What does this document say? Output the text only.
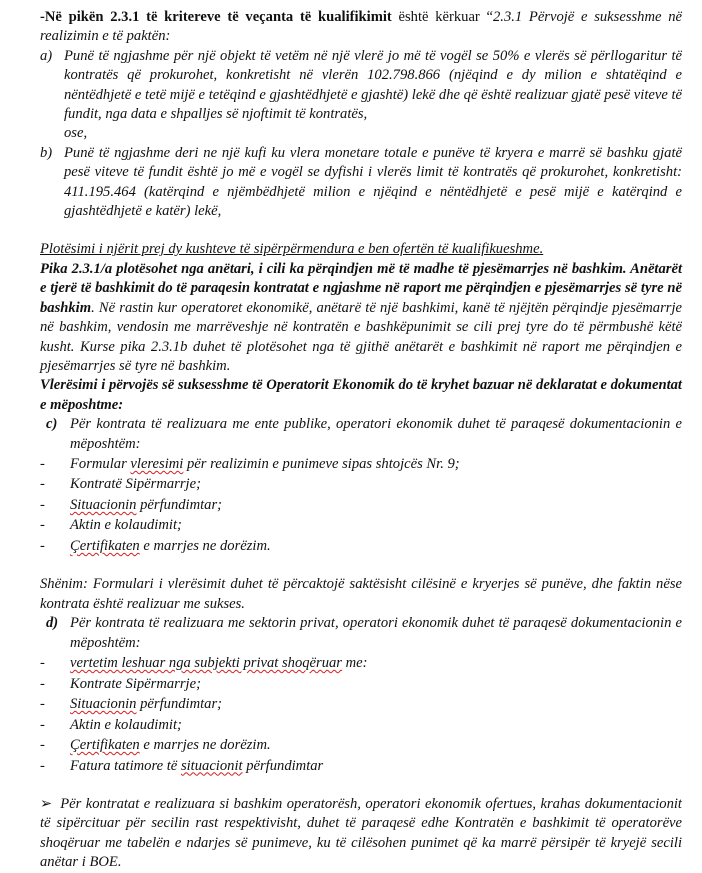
-Në pikën 2.3.1 të kritereve të veçanta të kualifikimit është kërkuar “2.3.1 Përvojë e suksesshme në realizimin e të paktën:

a) Punë të ngjashme për një objekt të vetëm në një vlerë jo më të vogël se 50% e vlerës së përllogaritur të kontratës që prokurohet, konkretisht në vlerën 102.798.866 (njëqind e dy milion e shtatëqind e nëntëdhjetë e tetë mijë e tetëqind e gjashtëdhjetë e gjashtë) lekë dhe që është realizuar gjatë pesë viteve të fundit, nga data e shpalljes së njoftimit të kontratës,
ose,

b) Punë të ngjashme deri ne një kufi ku vlera monetare totale e punëve të kryera e marrë së bashku gjatë pesë viteve të fundit është jo më e vogël se dyfishi i vlerës limit të kontratës që prokurohet, konkretisht: 411.195.464 (katërqind e njëmbëdhjetë milion e njëqind e nëntëdhjetë e pesë mijë e katërqind e gjashtëdhjetë e katër) lekë,

Plotësimi i njërit prej dy kushteve të sipërpërmendura e ben ofertën të kualifikueshme.

Pika 2.3.1/a plotësohet nga anëtari, i cili ka përqindjen më të madhe të pjesëmarrjes në bashkim. Anëtarët e tjerë të bashkimit do të paraqesin kontratat e ngjashme në raport me përqindjen e pjesëmarrjes së tyre në bashkim. Në rastin kur operatoret ekonomikë, anëtarë të një bashkimi, kanë të njëjtën përqindje pjesëmarrje në bashkim, vendosin me marrëveshje në kontratën e bashkëpunimit se cili prej tyre do të përmbushë këtë kusht. Kurse pika 2.3.1b duhet të plotësohet nga të gjithë anëtarët e bashkimit në raport me përqindjen e pjesëmarrjes së tyre në bashkim.

Vlerësimi i përvojës së suksesshme të Operatorit Ekonomik do të kryhet bazuar në deklaratat e dokumentat e mëposhtme:

c) Për kontrata të realizuara me ente publike, operatori ekonomik duhet të paraqesë dokumentacionin e mëposhtëm:

- Formular vleresimi për realizimin e punimeve sipas shtojcës Nr. 9;

- Kontratë Sipërmarrje;

- Situacionin përfundimtar;

- Aktin e kolaudimit;

- Çertifikaten e marrjes ne dorëzim.

Shënim: Formulari i vlerësimit duhet të përcaktojë saktësisht cilësinë e kryerjes së punëve, dhe faktin nëse kontrata është realizuar me sukses.

d) Për kontrata të realizuara me sektorin privat, operatori ekonomik duhet të paraqesë dokumentacionin e mëposhtëm:

- vertetim leshuar nga subjekti privat shoqëruar me:

- Kontrate Sipërmarrje;

- Situacionin përfundimtar;

- Aktin e kolaudimit;

- Çertifikaten e marrjes ne dorëzim.

- Fatura tatimore të situacionit përfundimtar

➢ Për kontratat e realizuara si bashkim operatorësh, operatori ekonomik ofertues, krahas dokumentacionit të sipërcituar për secilin rast respektivisht, duhet të paraqesë edhe Kontratën e bashkimit të operatorëve shoqëruar me tabelën e ndarjes së punimeve, ku të cilësohen punimet që ka marrë përsipër të kryejë secili anëtar i BOE.
